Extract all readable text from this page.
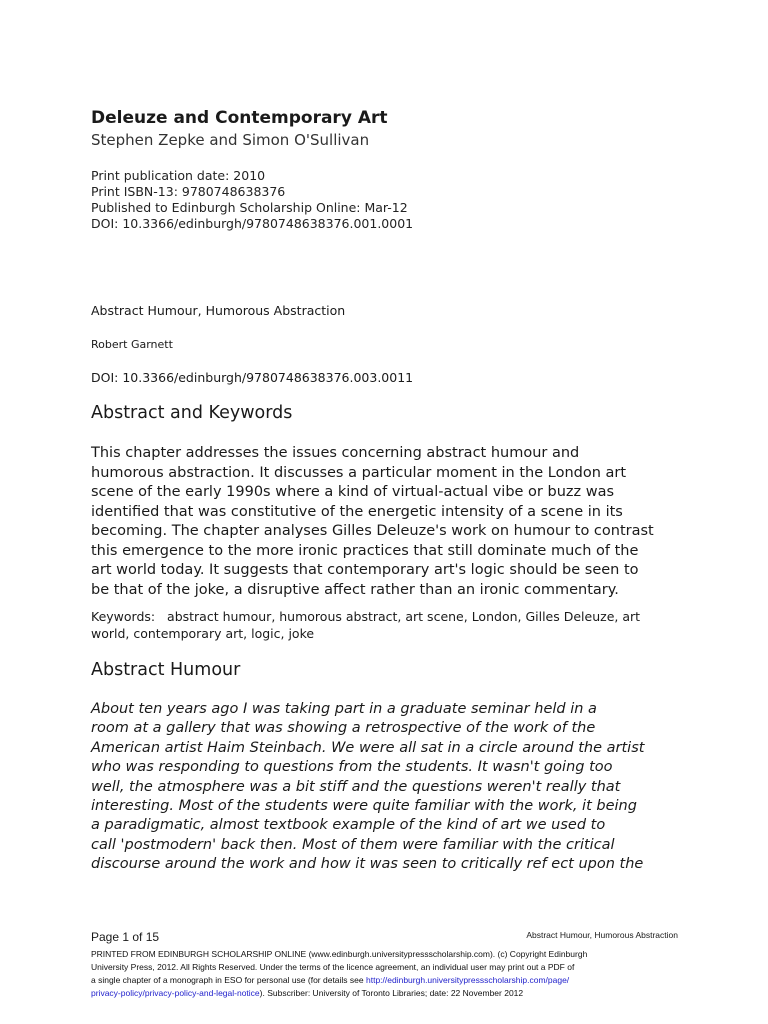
Deleuze and Contemporary Art
Stephen Zepke and Simon O'Sullivan
Print publication date: 2010
Print ISBN-13: 9780748638376
Published to Edinburgh Scholarship Online: Mar-12
DOI: 10.3366/edinburgh/9780748638376.001.0001
Abstract Humour, Humorous Abstraction
Robert Garnett
DOI: 10.3366/edinburgh/9780748638376.003.0011
Abstract and Keywords
This chapter addresses the issues concerning abstract humour and
humorous abstraction. It discusses a particular moment in the London art
scene of the early 1990s where a kind of virtual-actual vibe or buzz was
identified that was constitutive of the energetic intensity of a scene in its
becoming. The chapter analyses Gilles Deleuze's work on humour to contrast
this emergence to the more ironic practices that still dominate much of the
art world today. It suggests that contemporary art's logic should be seen to
be that of the joke, a disruptive affect rather than an ironic commentary.
Keywords:   abstract humour, humorous abstract, art scene, London, Gilles Deleuze, art
world, contemporary art, logic, joke
Abstract Humour
About ten years ago I was taking part in a graduate seminar held in a
room at a gallery that was showing a retrospective of the work of the
American artist Haim Steinbach. We were all sat in a circle around the artist
who was responding to questions from the students. It wasn't going too
well, the atmosphere was a bit stiff and the questions weren't really that
interesting. Most of the students were quite familiar with the work, it being
a paradigmatic, almost textbook example of the kind of art we used to
call 'postmodern' back then. Most of them were familiar with the critical
discourse around the work and how it was seen to critically ref ect upon the
Page 1 of 15	Abstract Humour, Humorous Abstraction
PRINTED FROM EDINBURGH SCHOLARSHIP ONLINE (www.edinburgh.universitypressscholarship.com). (c) Copyright Edinburgh
University Press, 2012. All Rights Reserved. Under the terms of the licence agreement, an individual user may print out a PDF of
a single chapter of a monograph in ESO for personal use (for details see http://edinburgh.universitypressscholarship.com/page/
privacy-policy/privacy-policy-and-legal-notice). Subscriber: University of Toronto Libraries; date: 22 November 2012
